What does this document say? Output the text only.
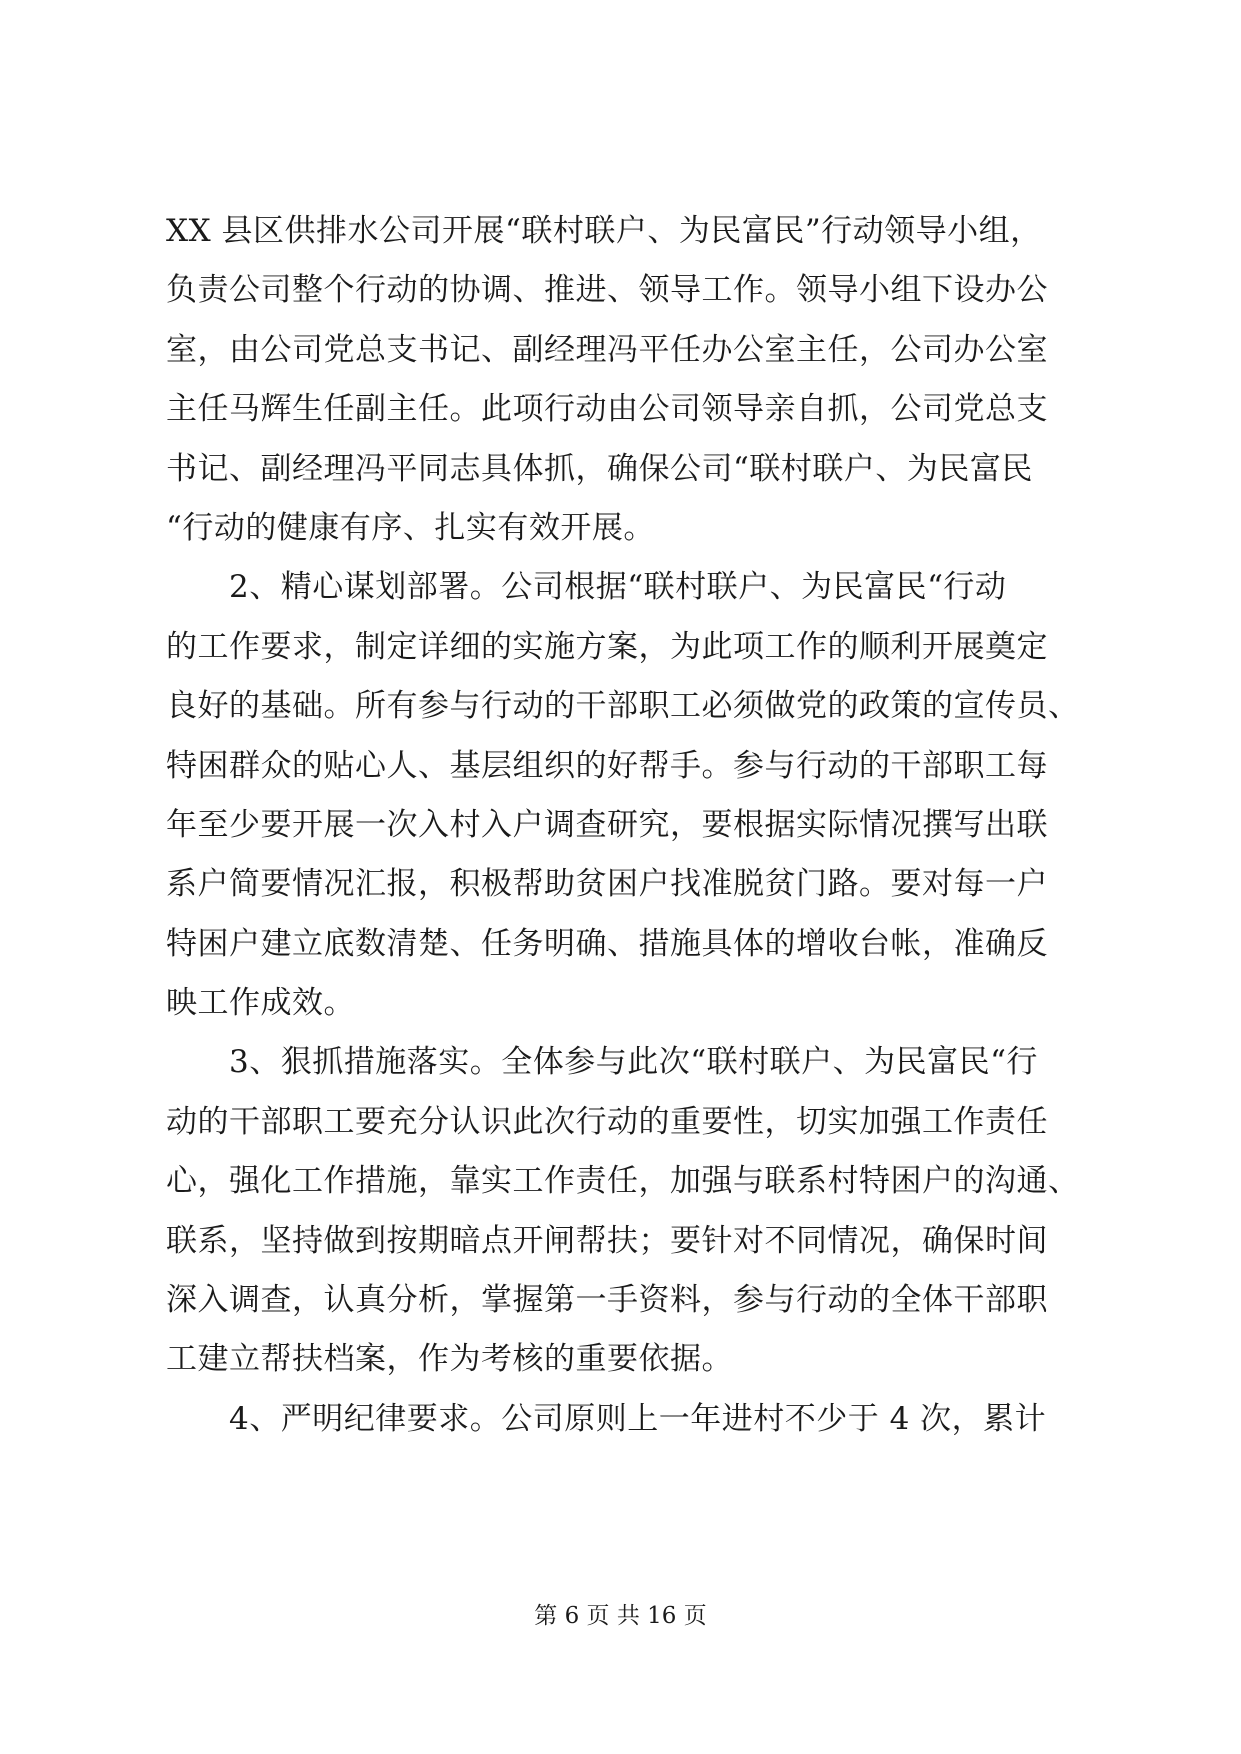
XX 县区供排水公司开展“联村联户、为民富民”行动领导小组，
负责公司整个行动的协调、推进、领导工作。领导小组下设办公
室，由公司党总支书记、副经理冯平任办公室主任，公司办公室
主任马辉生任副主任。此项行动由公司领导亲自抓，公司党总支
书记、副经理冯平同志具体抓，确保公司“联村联户、为民富民
“行动的健康有序、扎实有效开展。
2、精心谋划部署。公司根据“联村联户、为民富民“行动
的工作要求，制定详细的实施方案，为此项工作的顺利开展奠定
良好的基础。所有参与行动的干部职工必须做党的政策的宣传员、
特困群众的贴心人、基层组织的好帮手。参与行动的干部职工每
年至少要开展一次入村入户调查研究，要根据实际情况撰写出联
系户简要情况汇报，积极帮助贫困户找准脱贫门路。要对每一户
特困户建立底数清楚、任务明确、措施具体的增收台帐，准确反
映工作成效。
3、狠抓措施落实。全体参与此次“联村联户、为民富民“行
动的干部职工要充分认识此次行动的重要性，切实加强工作责任
心，强化工作措施，靠实工作责任，加强与联系村特困户的沟通、
联系，坚持做到按期暗点开闸帮扶；要针对不同情况，确保时间
深入调查，认真分析，掌握第一手资料，参与行动的全体干部职
工建立帮扶档案，作为考核的重要依据。
4、严明纪律要求。公司原则上一年进村不少于 4 次，累计
第 6 页 共 16 页
